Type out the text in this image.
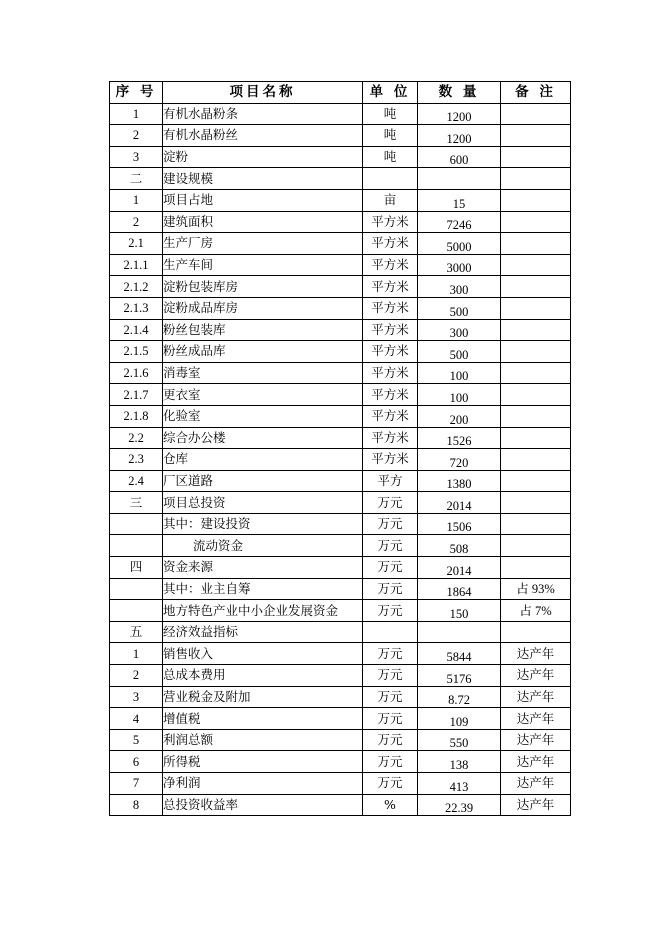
序 号	项目名称	单 位	数 量	备 注
1	有机水晶粉条	吨	1200	
2	有机水晶粉丝	吨	1200	
3	淀粉	吨	600	
二	建设规模			
1	项目占地	亩	15	
2	建筑面积	平方米	7246	
2.1	生产厂房	平方米	5000	
2.1.1	生产车间	平方米	3000	
2.1.2	淀粉包装库房	平方米	300	
2.1.3	淀粉成品库房	平方米	500	
2.1.4	粉丝包装库	平方米	300	
2.1.5	粉丝成品库	平方米	500	
2.1.6	消毒室	平方米	100	
2.1.7	更衣室	平方米	100	
2.1.8	化验室	平方米	200	
2.2	综合办公楼	平方米	1526	
2.3	仓库	平方米	720	
2.4	厂区道路	平方	1380	
三	项目总投资	万元	2014	
	其中：建设投资	万元	1506	
	流动资金	万元	508	
四	资金来源	万元	2014	
	其中：业主自筹	万元	1864	占 93%
	地方特色产业中小企业发展资金	万元	150	占 7%
五	经济效益指标			
1	销售收入	万元	5844	达产年
2	总成本费用	万元	5176	达产年
3	营业税金及附加	万元	8.72	达产年
4	增值税	万元	109	达产年
5	利润总额	万元	550	达产年
6	所得税	万元	138	达产年
7	净利润	万元	413	达产年
8	总投资收益率	%	22.39	达产年
